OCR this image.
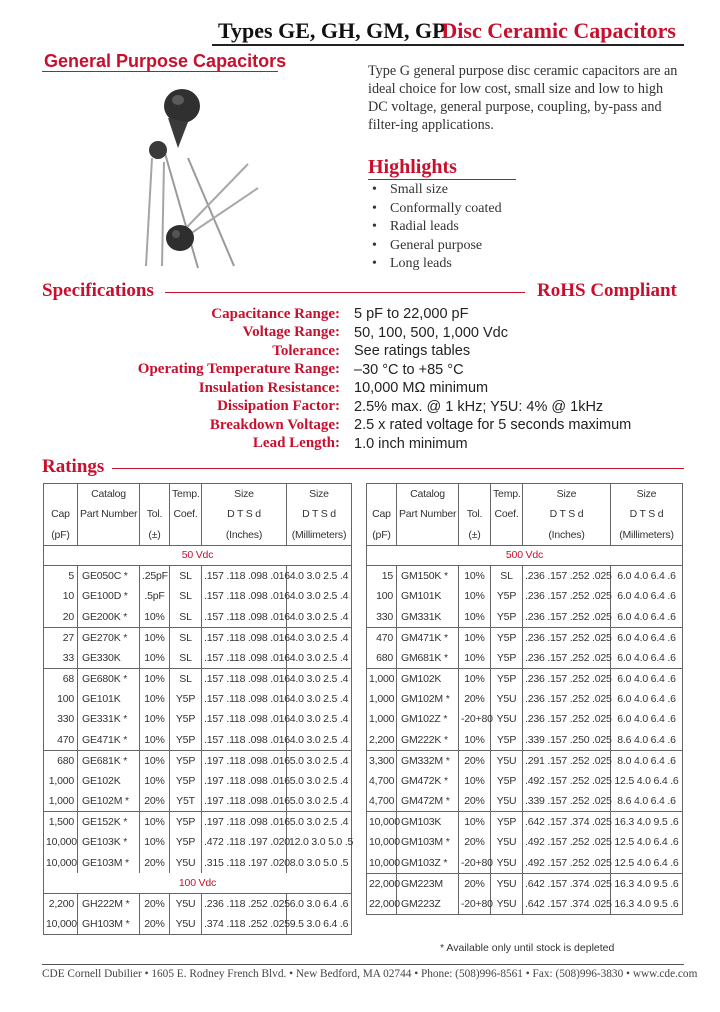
Types GE, GH, GM, GP
Disc Ceramic Capacitors
General Purpose Capacitors	Type G general purpose disc ceramic capacitors are an ideal choice for low cost, small size and low to high DC voltage, general purpose, coupling, by-pass and filter-ing applications.

Highlights
• Small size
• Conformally coated
• Radial leads
• General purpose
• Long leads
Specifications	RoHS Compliant
Capacitance Range: 5 pF to 22,000 pF
Voltage Range: 50, 100, 500, 1,000 Vdc
Tolerance: See ratings tables
Operating Temperature Range: –30 °C to +85 °C
Insulation Resistance: 10,000 MΩ minimum
Dissipation Factor: 2.5% max. @ 1 kHz; Y5U: 4% @ 1kHz
Breakdown Voltage: 2.5 x rated voltage for 5 seconds maximum
Lead Length: 1.0 inch minimum
Ratings
	Catalog		Temp.	Size	Size
Cap	Part Number	Tol.	Coef.	D T S d	D T S d
(pF)		(±)		(Inches)	(Millimeters)
50 Vdc					
5	GE050C *	.25pF	SL	.157 .118 .098 .016	4.0 3.0 2.5 .4
10	GE100D *	.5pF	SL	.157 .118 .098 .016	4.0 3.0 2.5 .4
20	GE200K *	10%	SL	.157 .118 .098 .016	4.0 3.0 2.5 .4
27	GE270K *	10%	SL	.157 .118 .098 .016	4.0 3.0 2.5 .4
33	GE330K	10%	SL	.157 .118 .098 .016	4.0 3.0 2.5 .4
68	GE680K *	10%	SL	.157 .118 .098 .016	4.0 3.0 2.5 .4
100	GE101K	10%	Y5P	.157 .118 .098 .016	4.0 3.0 2.5 .4
330	GE331K *	10%	Y5P	.157 .118 .098 .016	4.0 3.0 2.5 .4
470	GE471K *	10%	Y5P	.157 .118 .098 .016	4.0 3.0 2.5 .4
680	GE681K *	10%	Y5P	.197 .118 .098 .016	5.0 3.0 2.5 .4
1,000	GE102K	10%	Y5P	.197 .118 .098 .016	5.0 3.0 2.5 .4
1,000	GE102M *	20%	Y5T	.197 .118 .098 .016	5.0 3.0 2.5 .4
1,500	GE152K *	10%	Y5P	.197 .118 .098 .016	5.0 3.0 2.5 .4
10,000	GE103K *	10%	Y5P	.472 .118 .197 .020	12.0 3.0 5.0 .5
10,000	GE103M *	20%	Y5U	.315 .118 .197 .020	8.0 3.0 5.0 .5
100 Vdc					
2,200	GH222M *	20%	Y5U	.236 .118 .252 .025	6.0 3.0 6.4 .6
10,000	GH103M *	20%	Y5U	.374 .118 .252 .025	9.5 3.0 6.4 .6
	Catalog		Temp.	Size	Size
Cap	Part Number	Tol.	Coef.	D T S d	D T S d
(pF)		(±)		(Inches)	(Millimeters)
500 Vdc					
15	GM150K *	10%	SL	.236 .157 .252 .025	6.0 4.0 6.4 .6
100	GM101K	10%	Y5P	.236 .157 .252 .025	6.0 4.0 6.4 .6
330	GM331K	10%	Y5P	.236 .157 .252 .025	6.0 4.0 6.4 .6
470	GM471K *	10%	Y5P	.236 .157 .252 .025	6.0 4.0 6.4 .6
680	GM681K *	10%	Y5P	.236 .157 .252 .025	6.0 4.0 6.4 .6
1,000	GM102K	10%	Y5P	.236 .157 .252 .025	6.0 4.0 6.4 .6
1,000	GM102M *	20%	Y5U	.236 .157 .252 .025	6.0 4.0 6.4 .6
1,000	GM102Z *	-20+80	Y5U	.236 .157 .252 .025	6.0 4.0 6.4 .6
2,200	GM222K *	10%	Y5P	.339 .157 .250 .025	8.6 4.0 6.4 .6
3,300	GM332M *	20%	Y5U	.291 .157 .252 .025	8.0 4.0 6.4 .6
4,700	GM472K *	10%	Y5P	.492 .157 .252 .025	12.5 4.0 6.4 .6
4,700	GM472M *	20%	Y5U	.339 .157 .252 .025	8.6 4.0 6.4 .6
10,000	GM103K	10%	Y5P	.642 .157 .374 .025	16.3 4.0 9.5 .6
10,000	GM103M *	20%	Y5U	.492 .157 .252 .025	12.5 4.0 6.4 .6
10,000	GM103Z *	-20+80	Y5U	.492 .157 .252 .025	12.5 4.0 6.4 .6
22,000	GM223M	20%	Y5U	.642 .157 .374 .025	16.3 4.0 9.5 .6
22,000	GM223Z	-20+80	Y5U	.642 .157 .374 .025	16.3 4.0 9.5 .6
* Available only until stock is depleted
CDE Cornell Dubilier • 1605 E. Rodney French Blvd. • New Bedford, MA 02744 • Phone: (508)996-8561 • Fax: (508)996-3830 • www.cde.com
